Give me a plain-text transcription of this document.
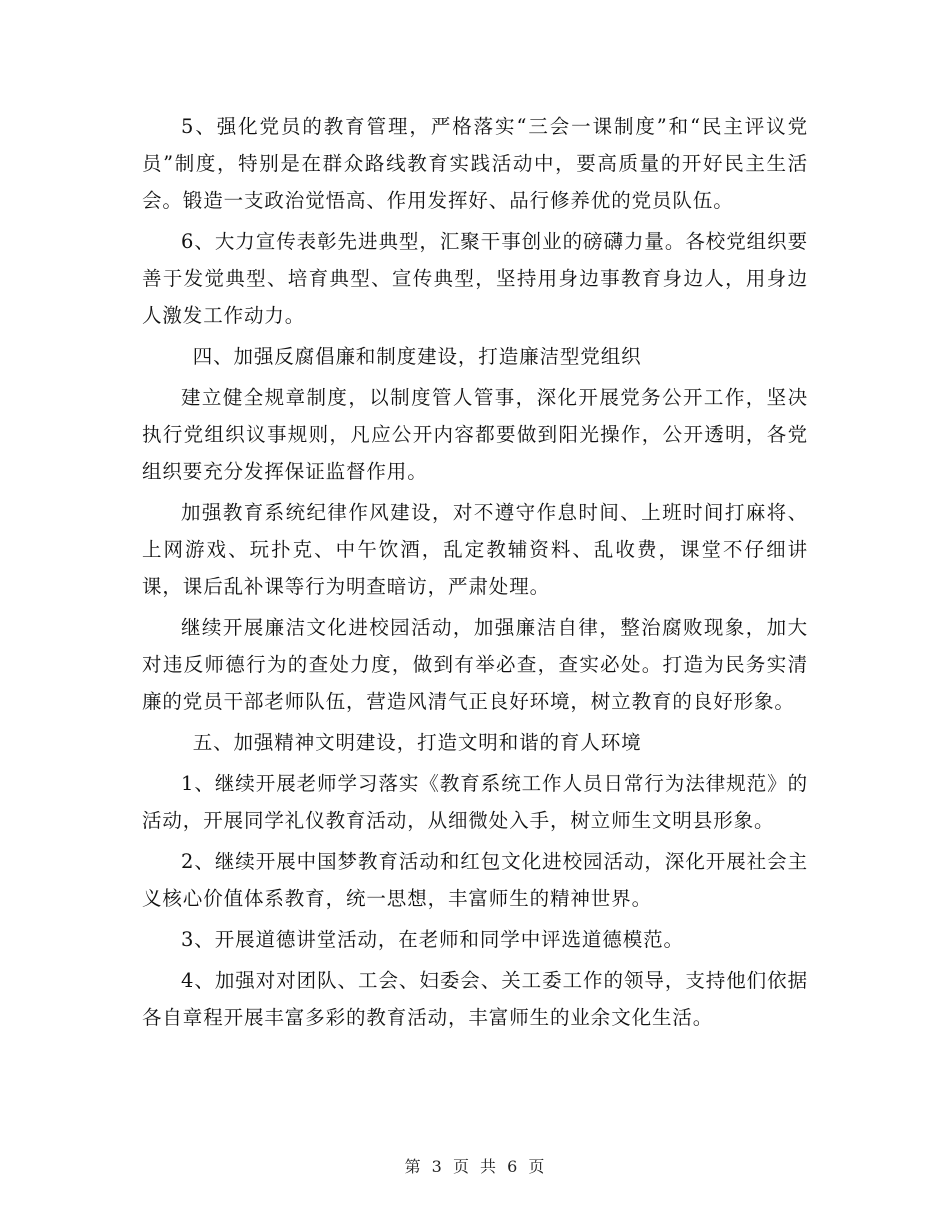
5、强化党员的教育管理，严格落实“三会一课制度”和“民主评议党员”制度，特别是在群众路线教育实践活动中，要高质量的开好民主生活会。锻造一支政治觉悟高、作用发挥好、品行修养优的党员队伍。

6、大力宣传表彰先进典型，汇聚干事创业的磅礴力量。各校党组织要善于发觉典型、培育典型、宣传典型，坚持用身边事教育身边人，用身边人激发工作动力。

四、加强反腐倡廉和制度建设，打造廉洁型党组织

建立健全规章制度，以制度管人管事，深化开展党务公开工作，坚决执行党组织议事规则，凡应公开内容都要做到阳光操作，公开透明，各党组织要充分发挥保证监督作用。

加强教育系统纪律作风建设，对不遵守作息时间、上班时间打麻将、上网游戏、玩扑克、中午饮酒，乱定教辅资料、乱收费，课堂不仔细讲课，课后乱补课等行为明查暗访，严肃处理。

继续开展廉洁文化进校园活动，加强廉洁自律，整治腐败现象，加大对违反师德行为的查处力度，做到有举必查，查实必处。打造为民务实清廉的党员干部老师队伍，营造风清气正良好环境，树立教育的良好形象。

五、加强精神文明建设，打造文明和谐的育人环境

1、继续开展老师学习落实《教育系统工作人员日常行为法律规范》的活动，开展同学礼仪教育活动，从细微处入手，树立师生文明县形象。

2、继续开展中国梦教育活动和红包文化进校园活动，深化开展社会主义核心价值体系教育，统一思想，丰富师生的精神世界。

3、开展道德讲堂活动，在老师和同学中评选道德模范。

4、加强对对团队、工会、妇委会、关工委工作的领导，支持他们依据各自章程开展丰富多彩的教育活动，丰富师生的业余文化生活。

第 3 页 共 6 页
